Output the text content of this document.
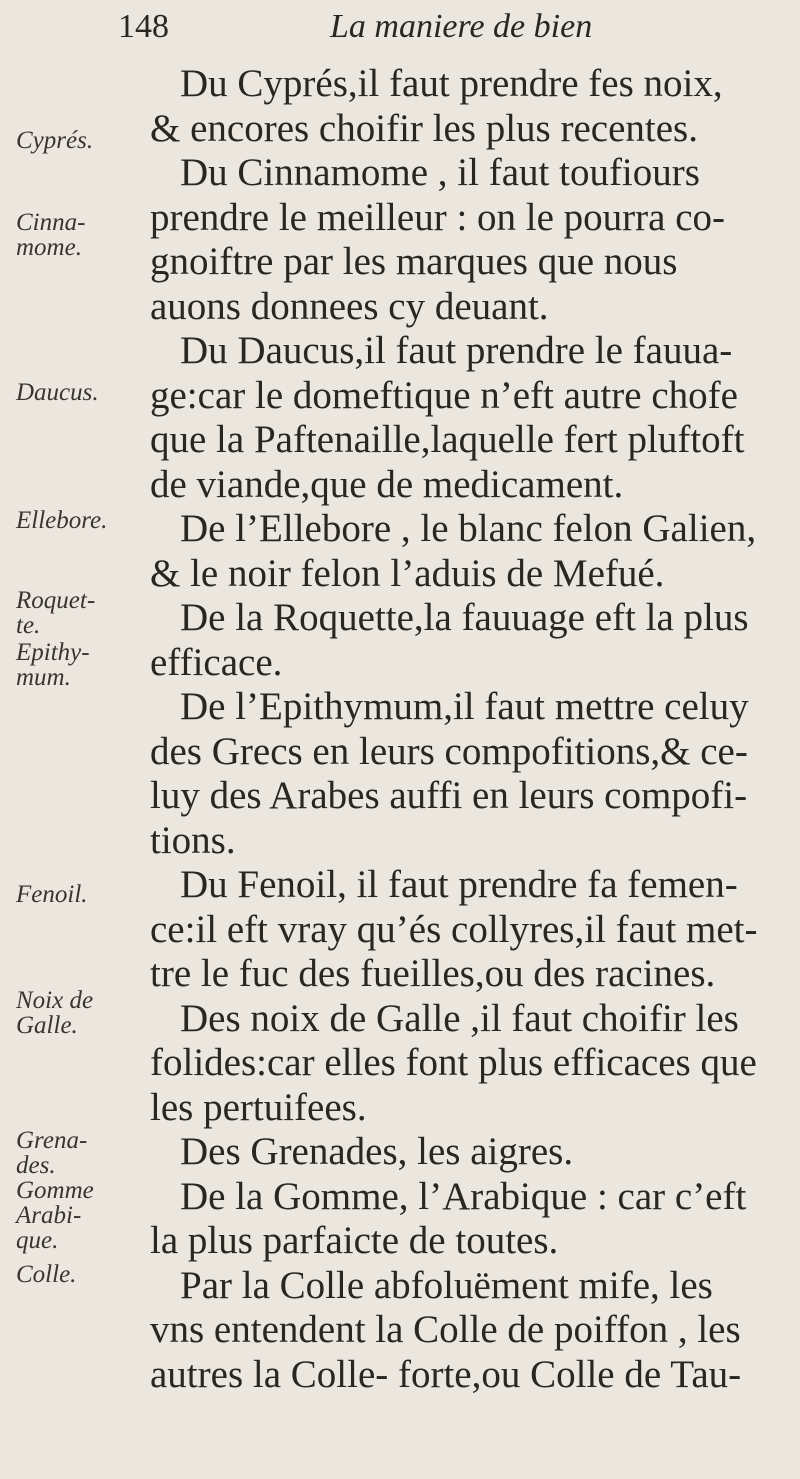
148	La maniere de bien
Cyprés.
Cinna-
mome.
Daucus.
Ellebore.
Roquet-
te.
Epithy-
mum.
Fenoil.
Noix de
Galle.
Grena-
des.
Gomme
Arabi-
que.
Colle.
Du Cyprés,il faut prendre fes noix,
& encores choifir les plus recentes.
Du Cinnamome , il faut toufiours
prendre le meilleur : on le pourra co-
gnoiftre par les marques que nous
auons donnees cy deuant.
Du Daucus,il faut prendre le fauua-
ge:car le domeftique n’eft autre chofe
que la Paftenaille,laquelle fert pluftoft
de viande,que de medicament.
De l’Ellebore , le blanc felon Galien,
& le noir felon l’aduis de Mefué.
De la Roquette,la fauuage eft la plus
efficace.
De l’Epithymum,il faut mettre celuy
des Grecs en leurs compofitions,& ce-
luy des Arabes auffi en leurs compofi-
tions.
Du Fenoil, il faut prendre fa femen-
ce:il eft vray qu’és collyres,il faut met-
tre le fuc des fueilles,ou des racines.
Des noix de Galle ,il faut choifir les
folides:car elles font plus efficaces que
les pertuifees.
Des Grenades, les aigres.
De la Gomme, l’Arabique : car c’eft
la plus parfaicte de toutes.
Par la Colle abfoluëment mife, les
vns entendent la Colle de poiffon , les
autres la Colle- forte,ou Colle de Tau-
